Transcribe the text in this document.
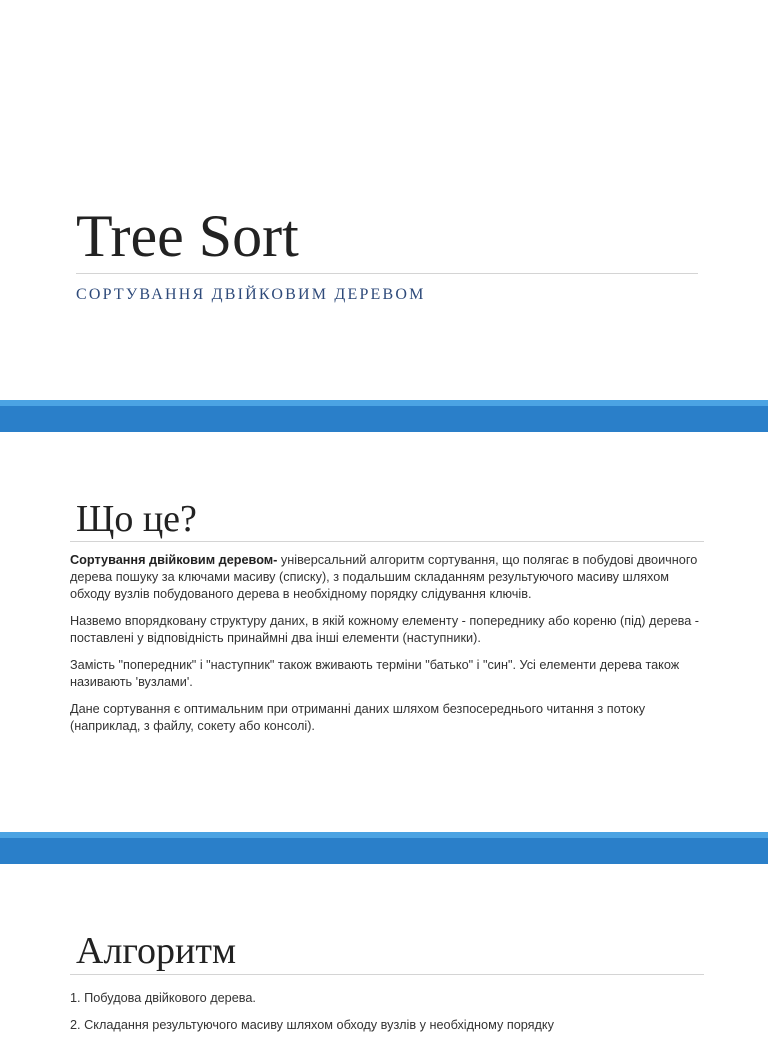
Tree Sort
СОРТУВАННЯ ДВІЙКОВИМ ДЕРЕВОМ
Що це?

Сортування двійковим деревом- універсальний алгоритм сортування, що полягає в побудові двоичного дерева пошуку за ключами масиву (списку), з подальшим складанням результуючого масиву шляхом обходу вузлів побудованого дерева в необхідному порядку слідування ключів.

Назвемо впорядковану структуру даних, в якій кожному елементу - попереднику або кореню (під) дерева - поставлені у відповідність принаймні два інші елементи (наступники).

Замість "попередник" і "наступник" також вживають терміни "батько" і "син". Усі елементи дерева також називають 'вузлами'.

Дане сортування є оптимальним при отриманні даних шляхом безпосереднього читання з потоку (наприклад, з файлу, сокету або консолі).

Алгоритм
1. Побудова двійкового дерева.
2. Складання результуючого масиву шляхом обходу вузлів у необхідному порядку
